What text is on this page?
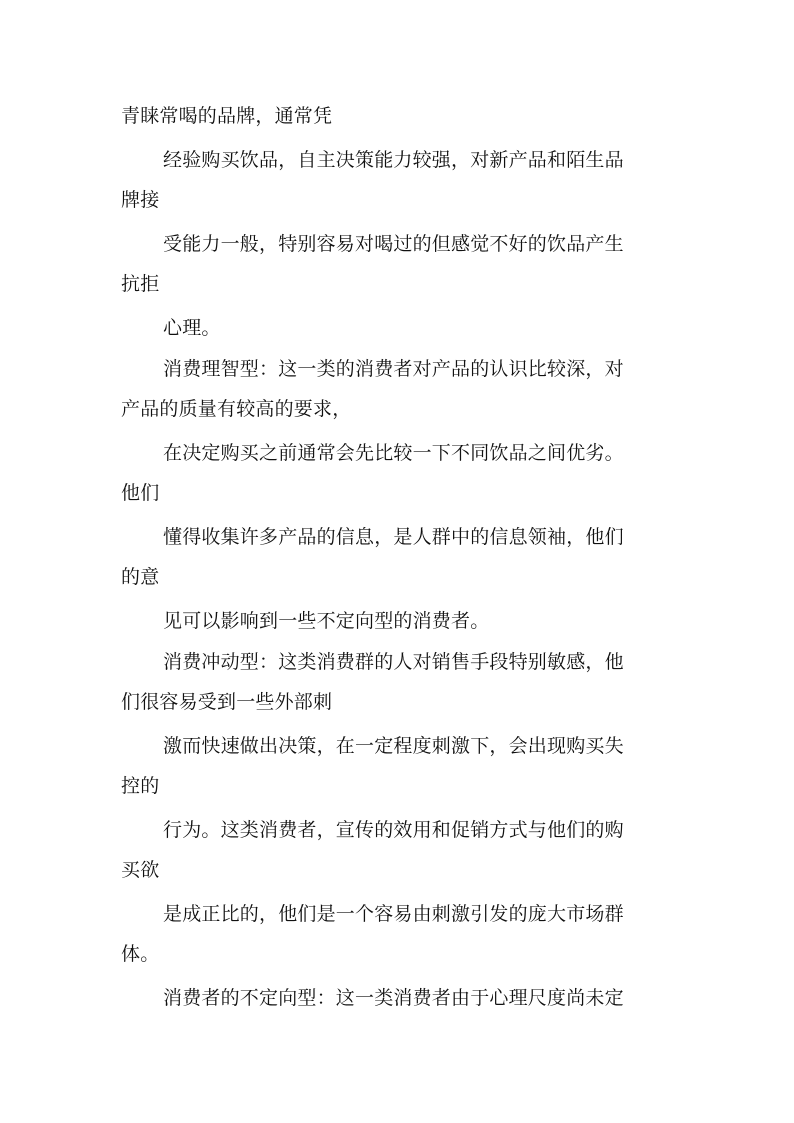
青睐常喝的品牌，通常凭
经验购买饮品，自主决策能力较强，对新产品和陌生品
牌接
受能力一般，特别容易对喝过的但感觉不好的饮品产生
抗拒
心理。
消费理智型：这一类的消费者对产品的认识比较深，对
产品的质量有较高的要求，
在决定购买之前通常会先比较一下不同饮品之间优劣。
他们
懂得收集许多产品的信息，是人群中的信息领袖，他们
的意
见可以影响到一些不定向型的消费者。
消费冲动型：这类消费群的人对销售手段特别敏感，他
们很容易受到一些外部刺
激而快速做出决策，在一定程度刺激下，会出现购买失
控的
行为。这类消费者，宣传的效用和促销方式与他们的购
买欲
是成正比的，他们是一个容易由刺激引发的庞大市场群
体。
消费者的不定向型：这一类消费者由于心理尺度尚未定
